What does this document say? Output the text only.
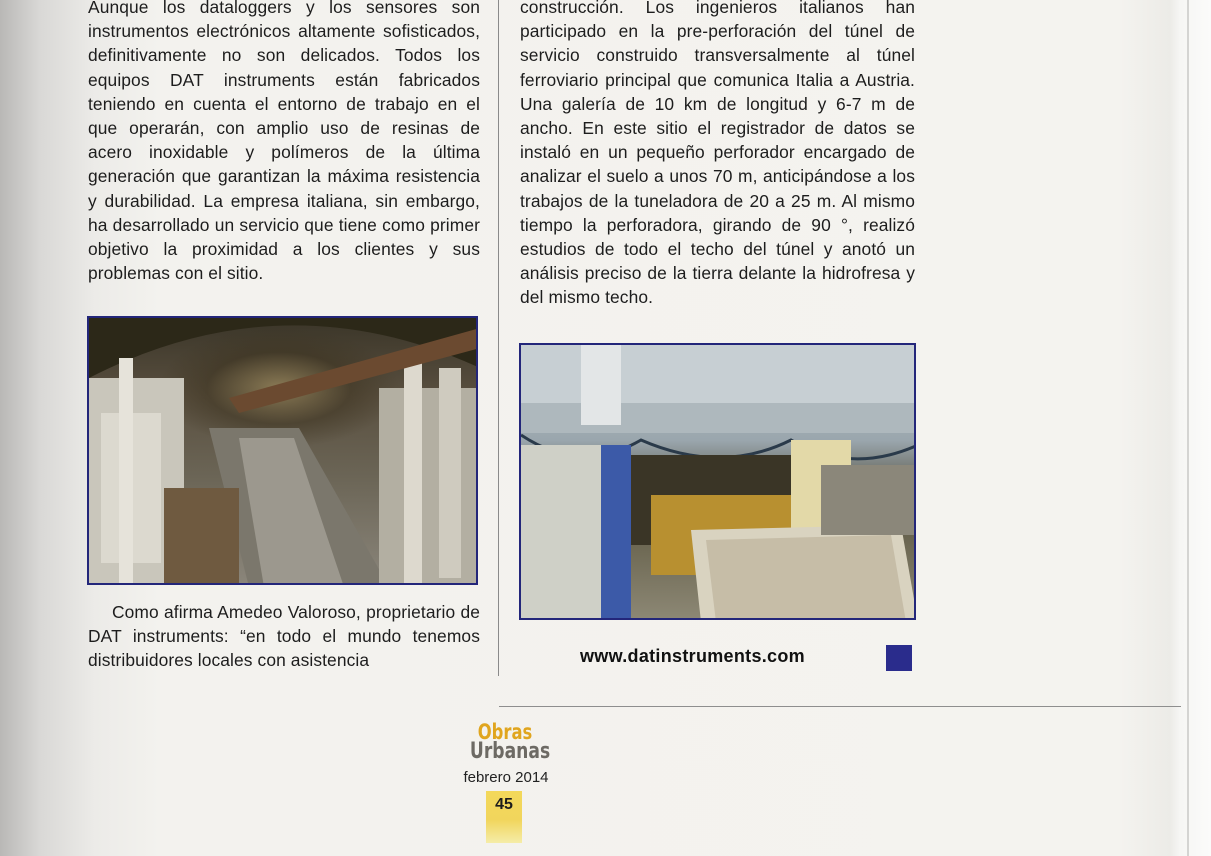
Aunque los dataloggers y los sensores son instrumentos electrónicos altamente sofisticados, definitivamente no son delicados. Todos los equipos DAT instruments están fabricados teniendo en cuenta el entorno de trabajo en el que operarán, con amplio uso de resinas de acero inoxidable y polímeros de la última generación que garantizan la máxima resistencia y durabilidad. La empresa italiana, sin embargo, ha desarrollado un servicio que tiene como primer objetivo la proximidad a los clientes y sus problemas con el sitio.

Como afirma Amedeo Valoroso, proprietario de DAT instruments: “en todo el mundo tenemos distribuidores locales con asistencia

construcción. Los ingenieros italianos han participado en la pre-perforación del túnel de servicio construido transversalmente al túnel ferroviario principal que comunica Italia a Austria. Una galería de 10 km de longitud y 6-7 m de ancho. En este sitio el registrador de datos se instaló en un pequeño perforador encargado de analizar el suelo a unos 70 m, anticipándose a los trabajos de la tuneladora de 20 a 25 m. Al mismo tiempo la perforadora, girando de 90 °, realizó estudios de todo el techo del túnel y anotó un análisis preciso de la tierra delante la hidrofresa y del mismo techo.

www.datinstruments.com
Obras
Urbanas
febrero 2014
45
